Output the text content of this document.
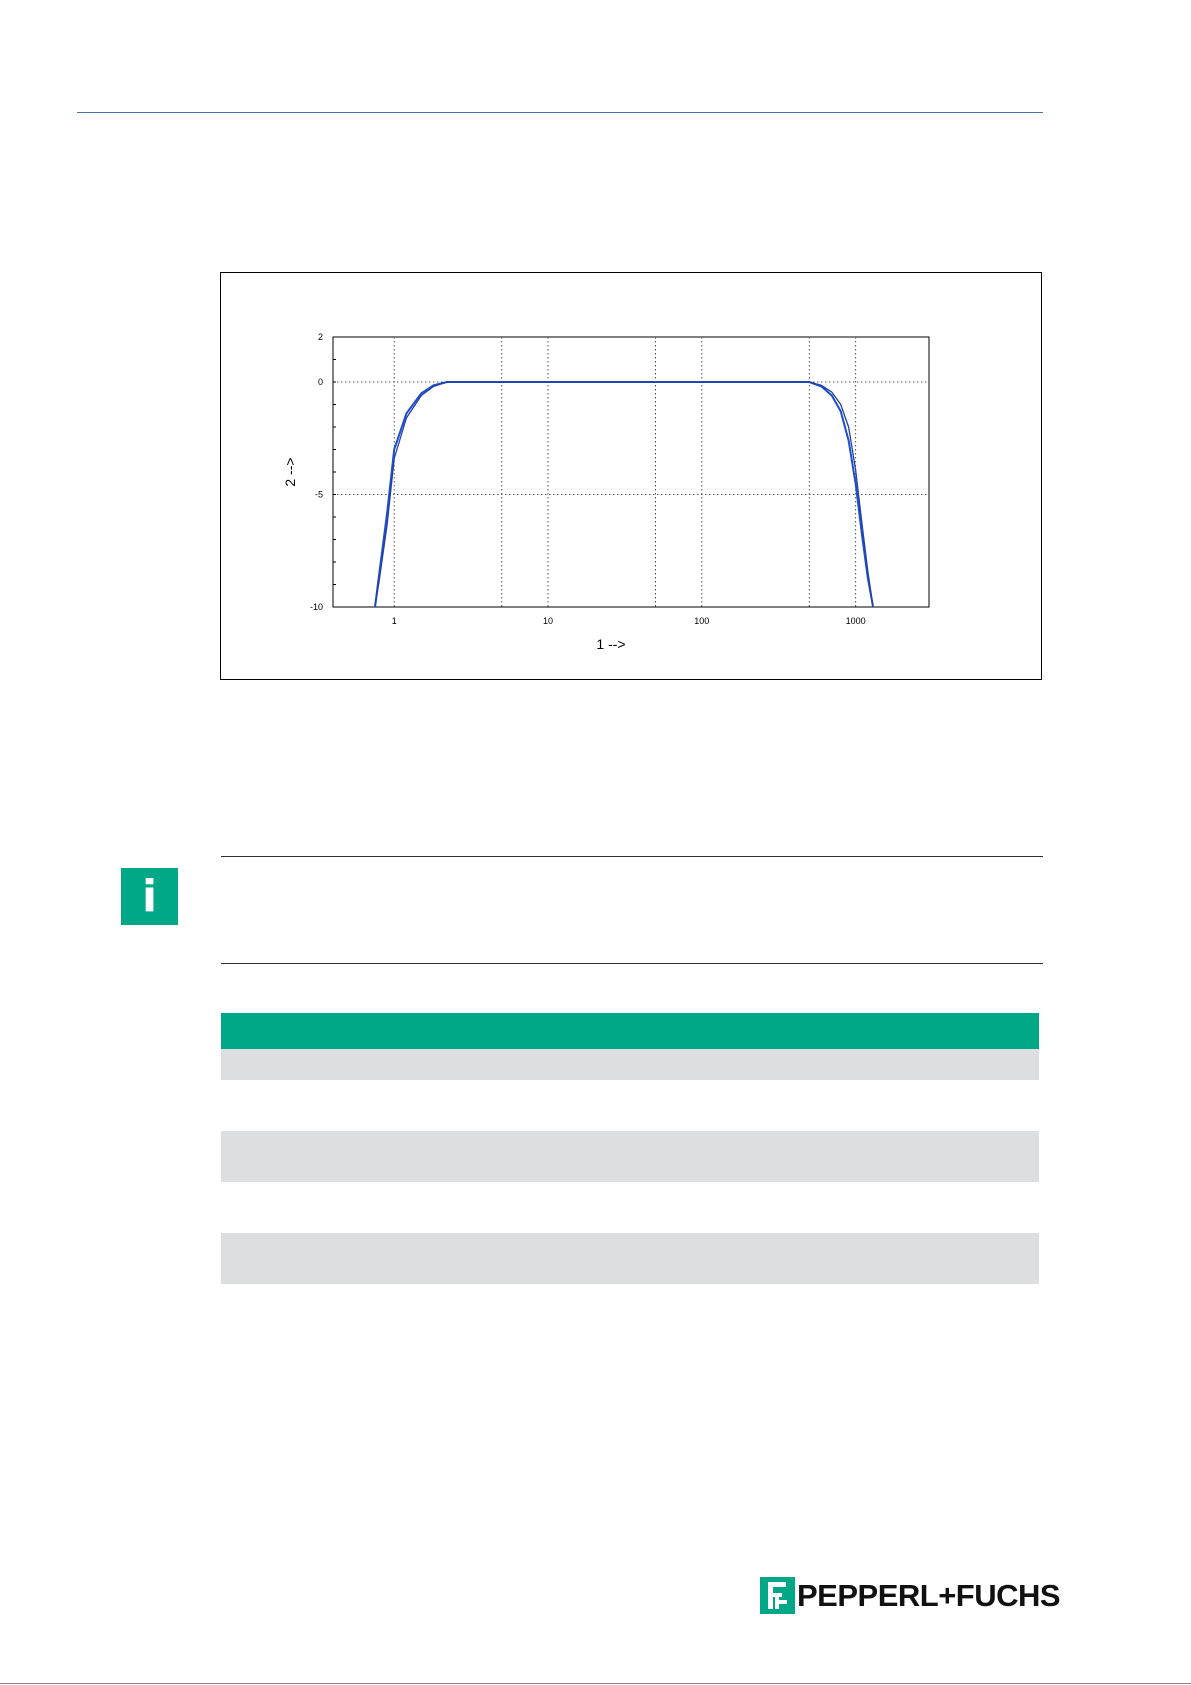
2
0
-5
-10
1	10	100	1000
1 -->
2 -->
i
PEPPERL+FUCHS
